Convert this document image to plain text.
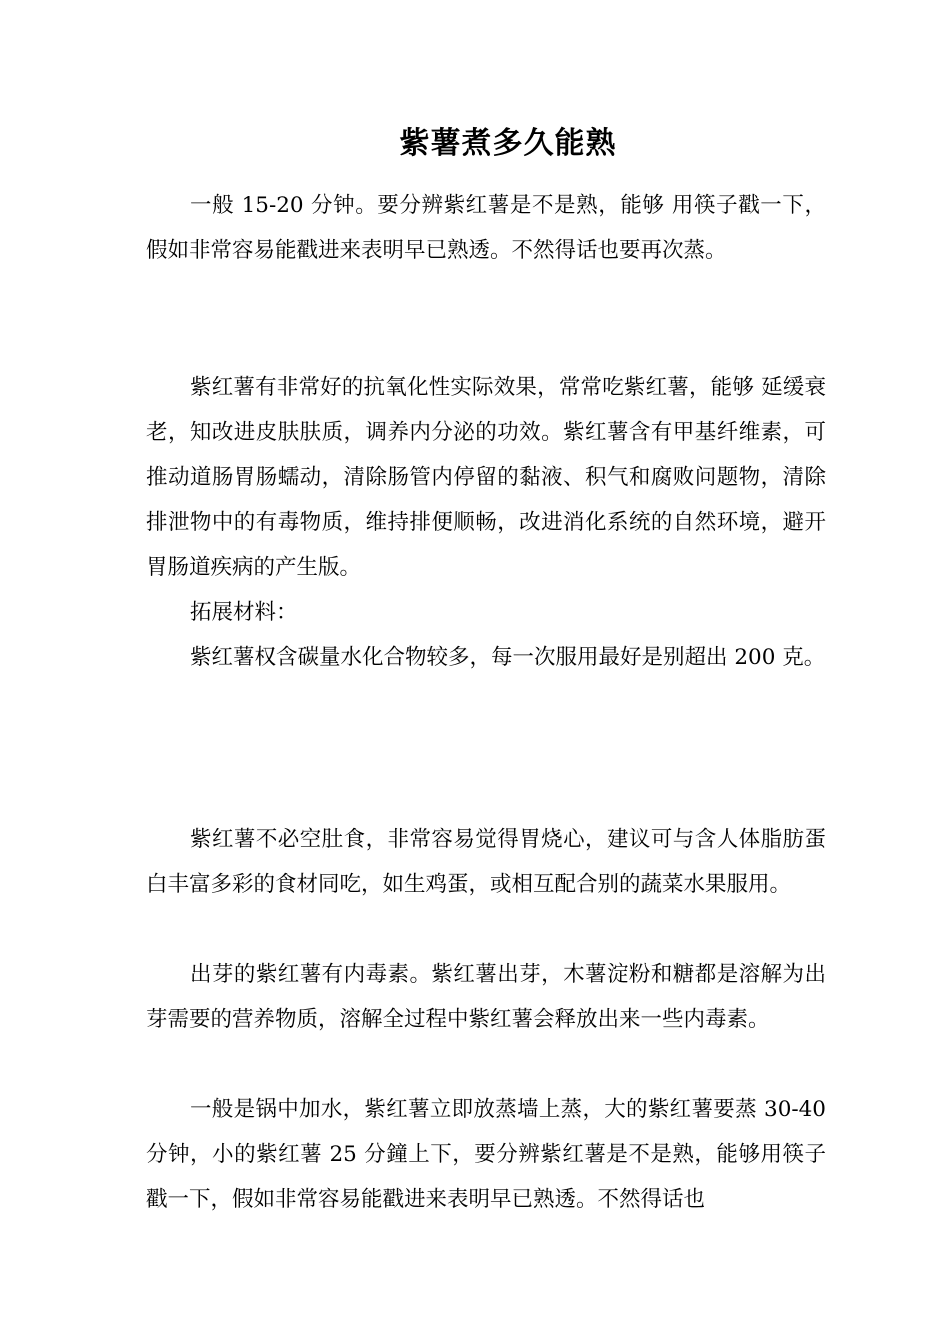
紫薯煮多久能熟

一般 15-20 分钟。要分辨紫红薯是不是熟，能够 用筷子戳一下，假如非常容易能戳进来表明早已熟透。不然得话也要再次蒸。

紫红薯有非常好的抗氧化性实际效果，常常吃紫红薯，能够 延缓衰老，知改进皮肤肤质，调养内分泌的功效。紫红薯含有甲基纤维素，可推动道肠胃肠蠕动，清除肠管内停留的黏液、积气和腐败问题物，清除排泄物中的有毒物质，维持排便顺畅，改进消化系统的自然环境，避开胃肠道疾病的产生版。

拓展材料：

紫红薯权含碳量水化合物较多，每一次服用最好是别超出 200 克。

紫红薯不必空肚食，非常容易觉得胃烧心，建议可与含人体脂肪蛋白丰富多彩的食材同吃，如生鸡蛋，或相互配合别的蔬菜水果服用。

出芽的紫红薯有内毒素。紫红薯出芽，木薯淀粉和糖都是溶解为出芽需要的营养物质，溶解全过程中紫红薯会释放出来一些内毒素。

一般是锅中加水，紫红薯立即放蒸墙上蒸，大的紫红薯要蒸 30-40 分钟，小的紫红薯 25 分鐘上下，要分辨紫红薯是不是熟，能够用筷子戳一下，假如非常容易能戳进来表明早已熟透。不然得话也
